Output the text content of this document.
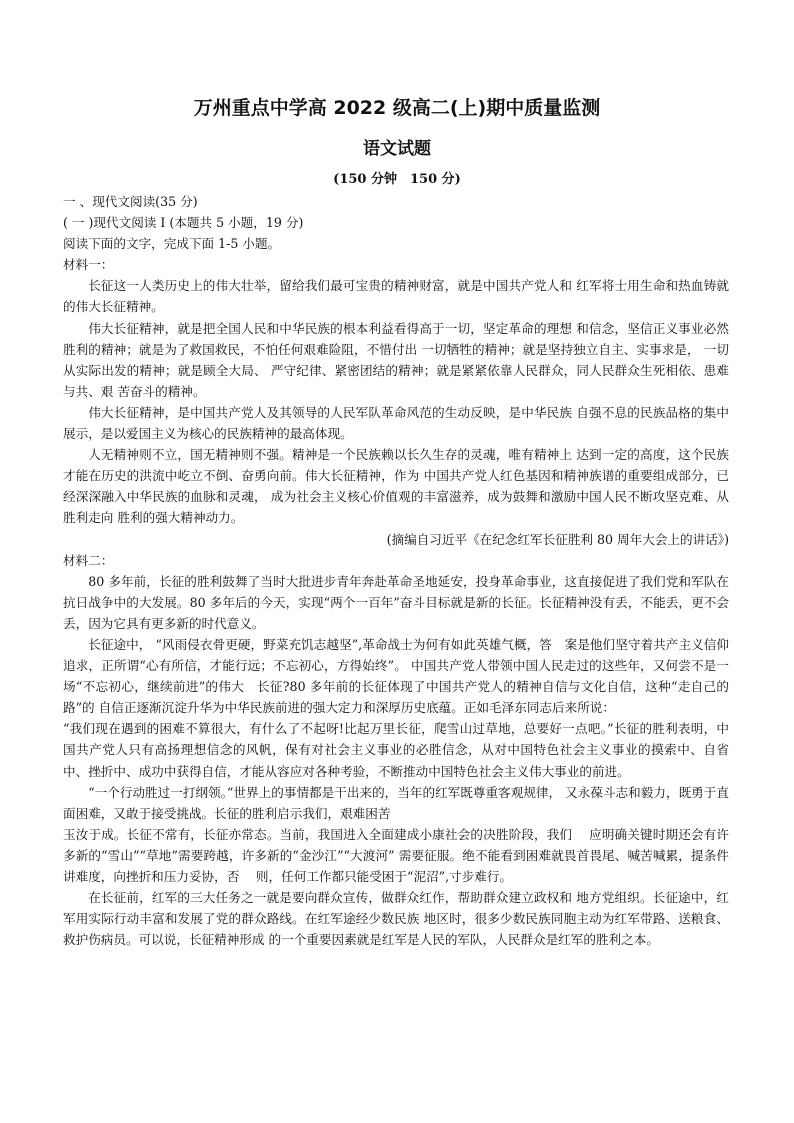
万州重点中学高 2022 级高二(上)期中质量监测
语文试题
(150 分钟　150 分)

一 、现代文阅读(35 分)

( 一 )现代文阅读 Ⅰ (本题共 5 小题，19 分)

阅读下面的文字，完成下面 1-5 小题。

材料一：

长征这一人类历史上的伟大壮举，留给我们最可宝贵的精神财富，就是中国共产党人和 红军将士用生命和热血铸就的伟大长征精神。

伟大长征精神，就是把全国人民和中华民族的根本利益看得高于一切，坚定革命的理想 和信念，坚信正义事业必然胜利的精神；就是为了救国救民，不怕任何艰难险阻，不惜付出 一切牺牲的精神；就是坚持独立自主、实事求是， 一切从实际出发的精神；就是顾全大局、 严守纪律、紧密团结的精神；就是紧紧依靠人民群众，同人民群众生死相依、患难与共、艰 苦奋斗的精神。

伟大长征精神，是中国共产党人及其领导的人民军队革命风范的生动反映，是中华民族 自强不息的民族品格的集中展示，是以爱国主义为核心的民族精神的最高体现。

人无精神则不立，国无精神则不强。精神是一个民族赖以长久生存的灵魂，唯有精神上 达到一定的高度，这个民族才能在历史的洪流中屹立不倒、奋勇向前。伟大长征精神，作为 中国共产党人红色基因和精神族谱的重要组成部分，已经深深融入中华民族的血脉和灵魂， 成为社会主义核心价值观的丰富滋养，成为鼓舞和激励中国人民不断攻坚克难、从胜利走向 胜利的强大精神动力。

(摘编自习近平《在纪念红军长征胜利 80 周年大会上的讲话》)

材料二：

80 多年前，长征的胜利鼓舞了当时大批进步青年奔赴革命圣地延安，投身革命事业，这直接促进了我们党和军队在抗日战争中的大发展。80 多年后的今天，实现“两个一百年”奋斗目标就是新的长征。长征精神没有丢，不能丢，更不会丢，因为它具有更多新的时代意义。

长征途中， “风雨侵衣骨更硬，野菜充饥志越坚”,革命战士为何有如此英雄气概，答　案是他们坚守着共产主义信仰追求，正所谓“心有所信，才能行远；不忘初心，方得始终”。 中国共产党人带领中国人民走过的这些年，又何尝不是一场“不忘初心，继续前进”的伟大　长征?80 多年前的长征体现了中国共产党人的精神自信与文化自信，这种“走自己的路”的 自信正逐渐沉淀升华为中华民族前进的强大定力和深厚历史底蕴。正如毛泽东同志后来所说：

“我们现在遇到的困难不算很大，有什么了不起呀!比起万里长征，爬雪山过草地，总要好一点吧。”长征的胜利表明，中国共产党人只有高扬理想信念的风帆，保有对社会主义事业的必胜信念，从对中国特色社会主义事业的摸索中、自省中、挫折中、成功中获得自信，才能从容应对各种考验，不断推动中国特色社会主义伟大事业的前进。

“一个行动胜过一打纲领。”世界上的事情都是干出来的，当年的红军既尊重客观规律， 又永葆斗志和毅力，既勇于直面困难，又敢于接受挑战。长征的胜利启示我们，艰难困苦

玉汝于成。长征不常有，长征亦常态。当前，我国进入全面建成小康社会的决胜阶段，我们　 应明确关键时期还会有许多新的“雪山”“草地”需要跨越，许多新的“金沙江”“大渡河” 需要征服。绝不能看到困难就畏首畏尾、喊苦喊累，提条件讲难度，向挫折和压力妥协，否　 则，任何工作都只能受困于“泥沼”,寸步难行。

在长征前，红军的三大任务之一就是要向群众宣传，做群众红作，帮助群众建立政权和 地方党组织。长征途中，红军用实际行动丰富和发展了党的群众路线。在红军途经少数民族 地区时，很多少数民族同胞主动为红军带路、送粮食、救护伤病员。可以说，长征精神形成 的一个重要因素就是红军是人民的军队，人民群众是红军的胜利之本。
